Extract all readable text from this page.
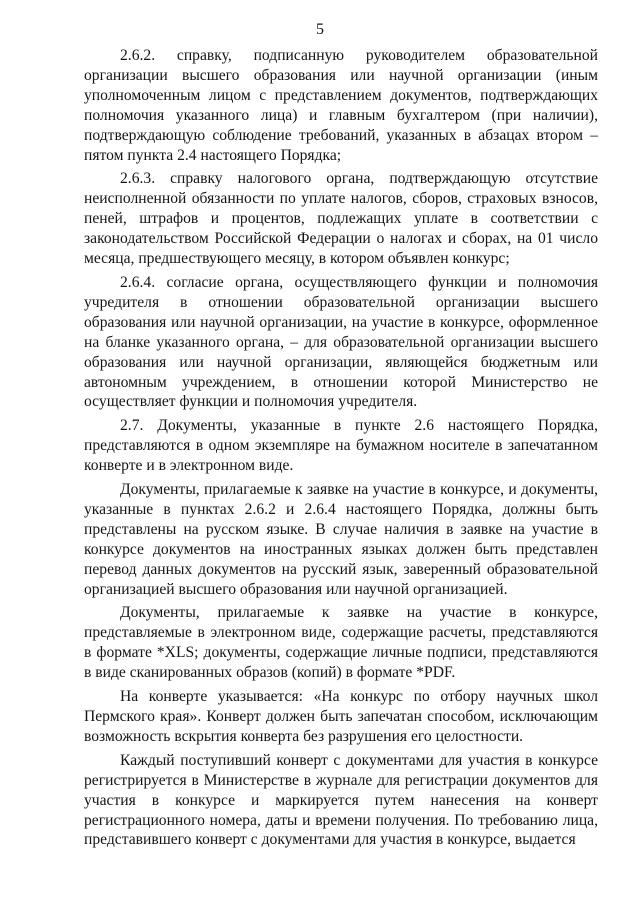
5

2.6.2. справку, подписанную руководителем образовательной организации высшего образования или научной организации (иным уполномоченным лицом с представлением документов, подтверждающих полномочия указанного лица) и главным бухгалтером (при наличии), подтверждающую соблюдение требований, указанных в абзацах втором – пятом пункта 2.4 настоящего Порядка;

2.6.3. справку налогового органа, подтверждающую отсутствие неисполненной обязанности по уплате налогов, сборов, страховых взносов, пеней, штрафов и процентов, подлежащих уплате в соответствии с законодательством Российской Федерации о налогах и сборах, на 01 число месяца, предшествующего месяцу, в котором объявлен конкурс;

2.6.4. согласие органа, осуществляющего функции и полномочия учредителя в отношении образовательной организации высшего образования или научной организации, на участие в конкурсе, оформленное на бланке указанного органа, – для образовательной организации высшего образования или научной организации, являющейся бюджетным или автономным учреждением, в отношении которой Министерство не осуществляет функции и полномочия учредителя.

2.7. Документы, указанные в пункте 2.6 настоящего Порядка, представляются в одном экземпляре на бумажном носителе в запечатанном конверте и в электронном виде.

Документы, прилагаемые к заявке на участие в конкурсе, и документы, указанные в пунктах 2.6.2 и 2.6.4 настоящего Порядка, должны быть представлены на русском языке. В случае наличия в заявке на участие в конкурсе документов на иностранных языках должен быть представлен перевод данных документов на русский язык, заверенный образовательной организацией высшего образования или научной организацией.

Документы, прилагаемые к заявке на участие в конкурсе, представляемые в электронном виде, содержащие расчеты, представляются в формате *XLS; документы, содержащие личные подписи, представляются в виде сканированных образов (копий) в формате *PDF.

На конверте указывается: «На конкурс по отбору научных школ Пермского края». Конверт должен быть запечатан способом, исключающим возможность вскрытия конверта без разрушения его целостности.

Каждый поступивший конверт с документами для участия в конкурсе регистрируется в Министерстве в журнале для регистрации документов для участия в конкурсе и маркируется путем нанесения на конверт регистрационного номера, даты и времени получения. По требованию лица, представившего конверт с документами для участия в конкурсе, выдается
